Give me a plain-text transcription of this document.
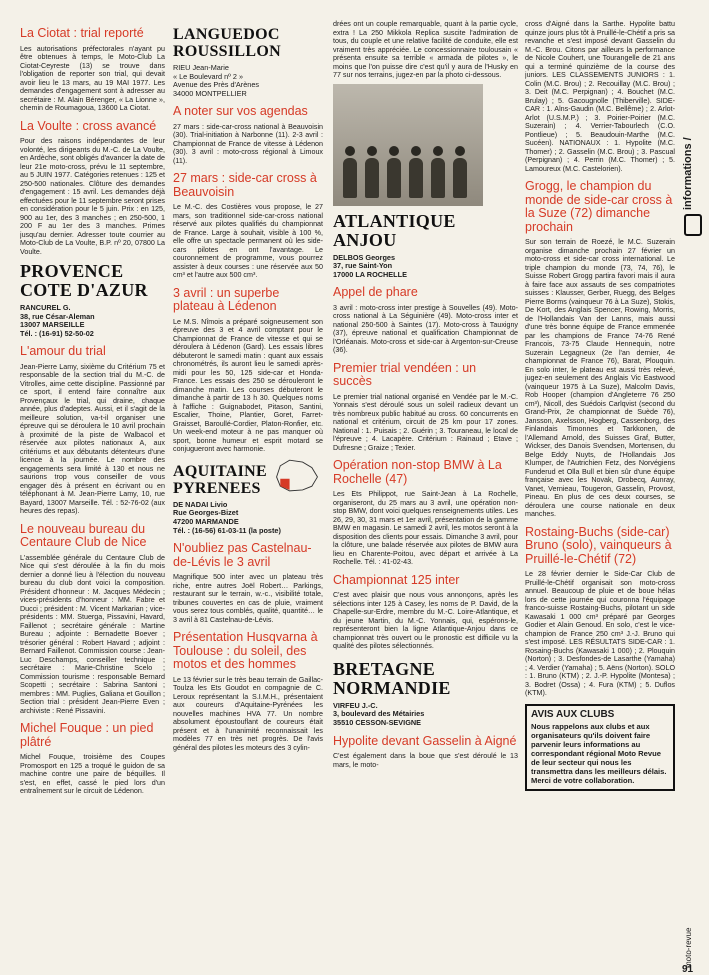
La Ciotat : trial reporté

Les autorisations préfectorales n'ayant pu être obtenues à temps, le Moto-Club La Ciotat-Ceyreste (13) se trouve dans l'obligation de reporter son trial, qui devait avoir lieu le 13 mars, au 19 MAI 1977. Les demandes d'engagement sont à adresser au secrétaire : M. Alain Bérenger, « La Lionne », chemin de Roumagoua, 13600 La Ciotat.

La Voulte : cross avancé

Pour des raisons indépendantes de leur volonté, les dirigeants du M.-C. de La Voulte, en Ardèche, sont obligés d'avancer la date de leur 21e moto-cross, prévu le 11 septembre, au 5 JUIN 1977. Catégories retenues : 125 et 250-500 nationales. Clôture des demandes d'engagement : 15 avril. Les demandes déjà effectuées pour le 11 septembre seront prises en considération pour le 5 juin. Prix : en 125, 900 au 1er, des 3 manches ; en 250-500, 1 200 F au 1er des 3 manches. Primes jusqu'au dernier. Adresser toute courrier au Moto-Club de La Voulte, B.P. nº 20, 07800 La Voulte.

PROVENCE
COTE D'AZUR
RANCUREL G.
38, rue César-Aleman
13007 MARSEILLE
Tél. : (16-91) 52-50-02
L'amour du trial

Jean-Pierre Lamy, sixième du Critérium 75 et responsable de la section trial du M.-C. de Vitrolles, aime cette discipline. Passionné par ce sport, il entend faire connaître aux Provençaux le trial, qui draine, chaque année, plus d'adeptes. Aussi, et il s'agit de la meilleure solution, va-t-il organiser une épreuve qui se déroulera le 10 avril prochain à proximité de la piste de Walbacol et réservée aux pilotes nationaux A, aux critériums et aux débutants détenteurs d'une licence à la journée. Le nombre des engagements sera limité à 130 et nous ne saurions trop vous conseiller de vous engager dès à présent en écrivant ou en téléphonant à M. Jean-Pierre Lamy, 10, rue Bayard, 13007 Marseille. Tél. : 52-76-02 (aux heures des repas).

Le nouveau bureau du Centaure Club de Nice

L'assemblée générale du Centaure Club de Nice qui s'est déroulée à la fin du mois dernier a donné lieu à l'élection du nouveau bureau du club dont voici la composition. Président d'honneur : M. Jacques Médecin ; vices-présidents d'honneur : MM. Fabre et Ducci ; président : M. Vicent Markarian ; vice-présidents : MM. Stuerga, Pissavini, Havard, Faillenot ; secrétaire générale : Martine Bureau ; adjointe : Bernadette Boever ; trésorier général : Robert Havard ; adjoint : Bernard Faillenot. Commission course : Jean-Luc Deschamps, conseiller technique ; secrétaire : Marie-Christine Scelo ; Commission tourisme : responsable Bernard Scopetti ; secrétaire : Sabrina Santoni ; membres : MM. Puglies, Galiana et Gouillon ; Section trial : président Jean-Pierre Even ; archiviste : René Pissavini.

Michel Fouque : un pied plâtré

Michel Fouque, troisième des Coupes Promosport en 125 a troqué le guidon de sa machine contre une paire de béquilles. Il s'est, en effet, cassé le pied lors d'un entraînement sur le circuit de Lédenon.

LANGUEDOC
ROUSSILLON
RIEU Jean-Marie
« Le Boulevard nº 2 »
Avenue des Près d'Arènes
34000 MONTPELLIER
A noter sur vos agendas

27 mars : side-car-cross national à Beauvoisin (30). Trial-initiation à Narbonne (11). 2-3 avril : Championnat de France de vitesse à Lédenon (30). 3 avril : moto-cross régional à Limoux (11).

27 mars : side-car cross à Beauvoisin

Le M.-C. des Costières vous propose, le 27 mars, son traditionnel side-car-cross national réservé aux pilotes qualifiés du championnat de France. Large à souhait, visible à 100 %, elle offre un spectacle permanent où les side-cars pilotes en ont l'avantage. Le couronnement de programme, vous pourrez assister à deux courses : une réservée aux 50 cm³ et l'autre aux 500 cm³.

3 avril : un superbe plateau à Lédenon

Le M.S. Nîmois a préparé soigneusement son épreuve des 3 et 4 avril comptant pour le Championnat de France de vitesse et qui se déroulera à Lédenon (Gard). Les essais libres débuteront le samedi matin : quant aux essais chronométrés, ils auront lieu le samedi après-midi pour les 50, 125 side-car et Honda-France. Les essais des 250 se dérouleront le dimanche matin. Les courses débuteront le dimanche à partir de 13 h 30. Quelques noms à l'affiche : Guignabodet, Pitason, Santini, Escalier, Thoine, Plantier, Goret, Farret-Graisset, Baroullé-Cordier, Platon-Ronfier, etc. Un week-end moteur à ne pas manquer où sport, bonne humeur et esprit motard se conjugueront avec harmonie.

AQUITAINE
PYRENEES
DE NADAI Livio
Rue Georges-Bizet
47200 MARMANDE
Tél. : (16-56) 61-03-11 (la poste)
N'oubliez pas Castelnau-de-Lévis le 3 avril

Magnifique 500 inter avec un plateau très riche, entre autres Joël Robert… Parkings, restaurant sur le terrain, w.-c., visibilité totale, tribunes couvertes en cas de pluie, vraiment vous serez tous comblés, qualité, quantité… le 3 avril à 81 Castelnau-de-Lévis.

Présentation Husqvarna à Toulouse : du soleil, des motos et des hommes

Le 13 février sur le très beau terrain de Gaillac-Toulza les Ets Goudot en compagnie de C. Leroux représentant la S.I.M.H., présentaient aux coureurs d'Aquitaine-Pyrénées les nouvelles machines HVA 77. Un nombre absolument époustouflant de coureurs était présent et à l'unanimité reconnaissait les modèles 77 en très net progrès. De l'avis général des pilotes les moteurs des 3 cylin-

drées ont un couple remarquable, quant à la partie cycle, extra ! La 250 Mikkola Replica suscite l'admiration de tous, du couple et une relative facilité de conduite, elle est vraiment très appréciée. Le concessionnaire toulousain « présenta ensuite sa terrible « armada de pilotes », le moins que l'on puisse dire c'est qu'il y aura de l'Husky en 77 sur nos terrains, jugez-en par la photo ci-dessous.

ATLANTIQUE
ANJOU
DELBOS Georges
37, rue Saint-Yon
17000 LA ROCHELLE
Appel de phare

3 avril : moto-cross inter prestige à Souvelles (49). Moto-cross national à La Séguinière (49). Moto-cross inter et national 250-500 à Saintes (17). Moto-cross à Tauxigny (37), épreuve national et qualification Championnat de l'Orléanais. Moto-cross et side-car à Argenton-sur-Creuse (36).

Premier trial vendéen : un succès

Le premier trial national organisé en Vendée par le M.-C. Yonnais s'est déroulé sous un soleil radieux devant un très nombreux public habitué au cross. 60 concurrents en national et critérium, circuit de 25 km pour 17 zones. National : 1. Puisais ; 2. Guérin ; 3. Touraneau, le local de l'épreuve ; 4. Lacapère. Critérium : Rainaud ; Etave ; Dufresne ; Graize ; Texier.

Opération non-stop BMW à La Rochelle (47)

Les Ets Philippot, rue Saint-Jean à La Rochelle, organiseront, du 25 mars au 3 avril, une opération non-stop BMW, dont voici quelques renseignements utiles. Les 26, 29, 30, 31 mars et 1er avril, présentation de la gamme BMW en magasin. Le samedi 2 avril, les motos seront à la disposition des clients pour essais. Dimanche 3 avril, pour la clôture, une balade réservée aux pilotes de BMW aura lieu en Charente-Poitou, avec départ et arrivée à La Rochelle. Tél. : 41-02-43.

Championnat 125 inter

C'est avec plaisir que nous vous annonçons, après les sélections inter 125 à Casey, les noms de P. David, de la Chapelle-sur-Erdre, membre du M.-C. Loire-Atlantique, et du jeune Martin, du M.-C. Yonnais, qui, espérons-le, représenteront bien la ligne Atlantique-Anjou dans ce championnat très ouvert ou le pronostic est difficile vu la qualité des pilotes sélectionnés.

BRETAGNE
NORMANDIE
VIRFEU J.-C.
3, boulevard des Métairies
35510 CESSON-SEVIGNE
Hypolite devant Gasselin à Aigné

C'est également dans la boue que s'est déroulé le 13 mars, le moto-

cross d'Aigné dans la Sarthe. Hypolite battu quinze jours plus tôt à Pruillé-le-Chétif a pris sa revanche et s'est imposé devant Gasselin du M.-C. Brou. Citons par ailleurs la performance de Nicole Couhert, une Tourangelle de 21 ans qui a terminé quinzième de la course des juniors. LES CLASSEMENTS JUNIORS : 1. Colin (M.C. Brou) ; 2. Recouillay (M.C. Brou) ; 3. Deit (M.C. Perpignan) ; 4. Bouchet (M.C. Brulay) ; 5. Gacougnolle (Thiberville). SIDE-CAR : 1. Alns-Gaudin (M.C. Bellême) ; 2. Arlot-Arlot (U.S.M.P.) ; 3. Poirier-Poirier (M.C. Suzerain) ; 4. Verrier-Tabourlech (C.O. Pontlieue) ; 5. Beaudouin-Marthe (M.C. Sucéen). NATIONAUX : 1. Hypolite (M.C. Thomer) ; 2. Gasselin (M.C. Brou) ; 3. Pascual (Perpignan) ; 4. Perrin (M.C. Thomer) ; 5. Lamoureux (M.C. Castelorien).

Grogg, le champion du monde de side-car cross à la Suze (72) dimanche prochain

Sur son terrain de Roezé, le M.C. Suzerain organise dimanche prochain 27 février un moto-cross et side-car cross international. Le triple champion du monde (73, 74, 76), le Suisse Robert Grogg partira favori mais il aura à faire face aux assauts de ses compatriotes suisses : Klausser, Gerber, Ruegg, des Belges Pierre Borms (vainqueur 76 à La Suze), Stokis, De Kort, des Anglais Spencer, Rowing, Morris, de l'Hollandais Van der Lanns, mais aussi d'une très bonne équipe de France emmenée par les champions de France 74-76 René Francois, 73-75 Claude Hennequin, notre Suzerain Legagneux (2e l'an dernier, 4e championnat de France 76), Barat, Plouquin. En solo inter, le plateau est aussi très relevé, jugez-en seulement des Anglais Vic Eastwood (vainqueur 1975 à La Suze), Malcolm Davis, Rob Hooper (champion d'Angleterre 76 250 cm³), Nicoll, des Suédois Carlqvist (second du Grand-Prix, 2e championnat de Suède 76), Jansson, Axelsson, Hogberg, Cassenborg, des Finlandais Timonnes et Tarkkonen, de l'Allemand Arnold, des Suisses Graf, Butter, Wickser, des Danois Svendsen, Mortensen, du Belge Eddy Nuyts, de l'Hollandais Jos Klumper, de l'Autrichien Fetz, des Norvégiens Funderud et Olla Bull et bien sûr d'une équipe française avec les Novak, Drobecq, Aunray, Vanet, Vernieau, Tougeron, Gasselin, Provost, Pineau. En plus de ces deux courses, se déroulera une course nationale en deux manches.

Rostaing-Buchs (side-car) Bruno (solo), vainqueurs à Pruillé-le-Chétif (72)

Le 28 février dernier le Side-Car Club de Pruillé-le-Chétif organisait son moto-cross annuel. Beaucoup de pluie et de boue hélas lors de cette journée qui couronna l'équipage franco-suisse Rostaing-Buchs, pilotant un side Kawasaki 1 000 cm³ préparé par Georges Godier et Alain Genoud. En solo, c'est le vice-champion de France 250 cm³ J.-J. Bruno qui s'est imposé. LES RÉSULTATS SIDE-CAR : 1. Rosaing-Buchs (Kawasaki 1 000) ; 2. Plouquin (Norton) ; 3. Desfondes-de Lasarthe (Yamaha) ; 4. Verdier (Yamaha) ; 5. Aëns (Norton). SOLO : 1. Bruno (KTM) ; 2. J.-P. Hypolite (Montesa) ; 3. Bodret (Ossa) ; 4. Fura (KTM) ; 5. Duflos (KTM).

AVIS AUX CLUBS
Nous rappelons aux clubs et aux organisateurs qu'ils doivent faire parvenir leurs informations au correspondant régional Moto Revue de leur secteur qui nous les transmettra dans les meilleurs délais. Merci de votre collaboration.
informations /
moto-revue
91
